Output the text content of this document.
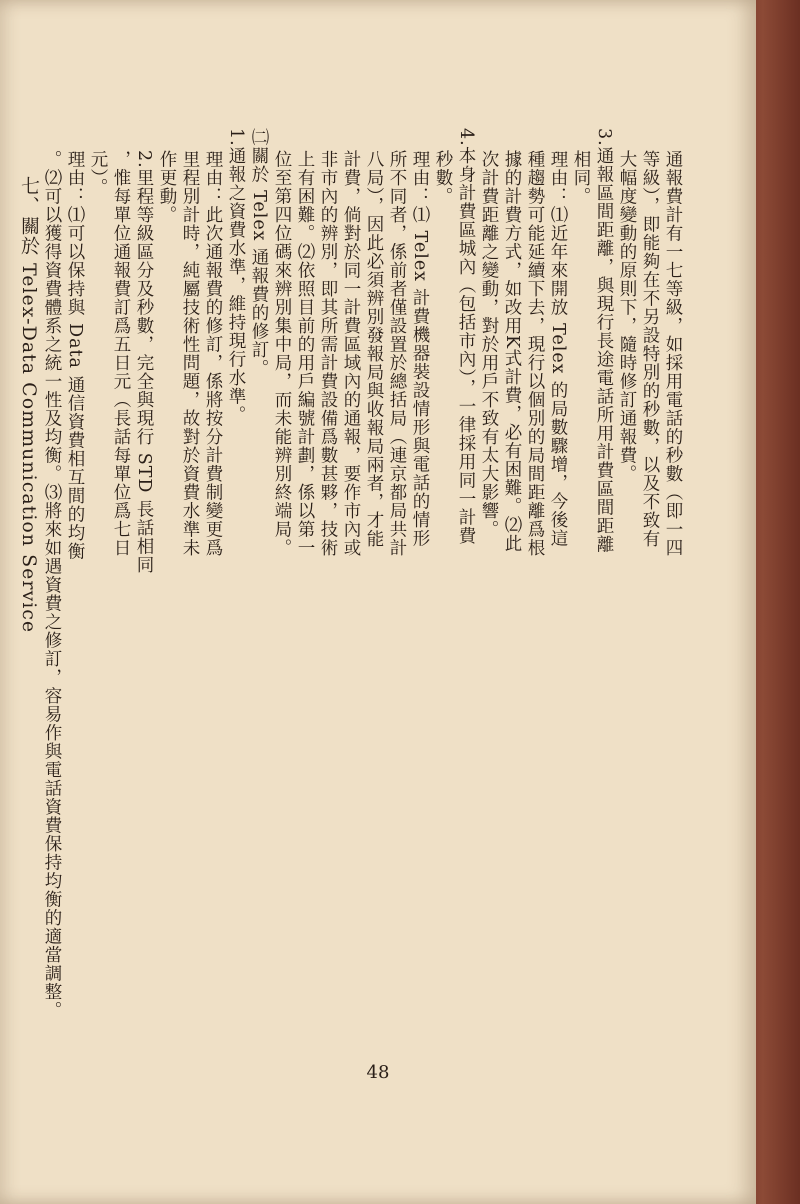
通報費計有一七等級，如採用電話的秒數（即一四

等級），即能夠在不另設特別的秒數，以及不致有

大幅度變動的原則下，隨時修訂通報費。

3.通報區間距離，與現行長途電話所用計費區間距離

相同。

理由：⑴近年來開放 Telex 的局數驟增，今後這

種趨勢可能延續下去，現行以個別的局間距離爲根

據的計費方式，如改用K式計費，必有困難。⑵此

次計費距離之變動，對於用戶不致有太大影響。

4.本身計費區城內（包括市內），一律採用同一計費

秒數。

理由：⑴ Telex 計費機器裝設情形與電話的情形

所不同者，係前者僅設置於總括局（連京都局共計

八局），因此必須辨別發報局與收報局兩者，才能

計費，倘對於同一計費區域內的通報，要作市內或

非市內的辨別，即其所需計費設備爲數甚夥，技術

上有困難。⑵依照目前的用戶編號計劃，係以第一

位至第四位碼來辨別集中局，而未能辨別終端局。

㈡關於 Telex 通報費的修訂。

1.通報之資費水準，維持現行水準。

理由：此次通報費的修訂，係將按分計費制變更爲

里程別計時，純屬技術性問題，故對於資費水準未

作更動。

2.里程等級區分及秒數，完全與現行 STD 長話相同

，惟每單位通報費訂爲五日元（長話每單位爲七日

元）。

理由：⑴可以保持與 Data 通信資費相互間的均衡

。⑵可以獲得資費體系之統一性及均衡。⑶將來如遇資費之修訂，容易作與電話資費保持均衡的適當調整。

七、關於 Telex-Data Communication Service

48
